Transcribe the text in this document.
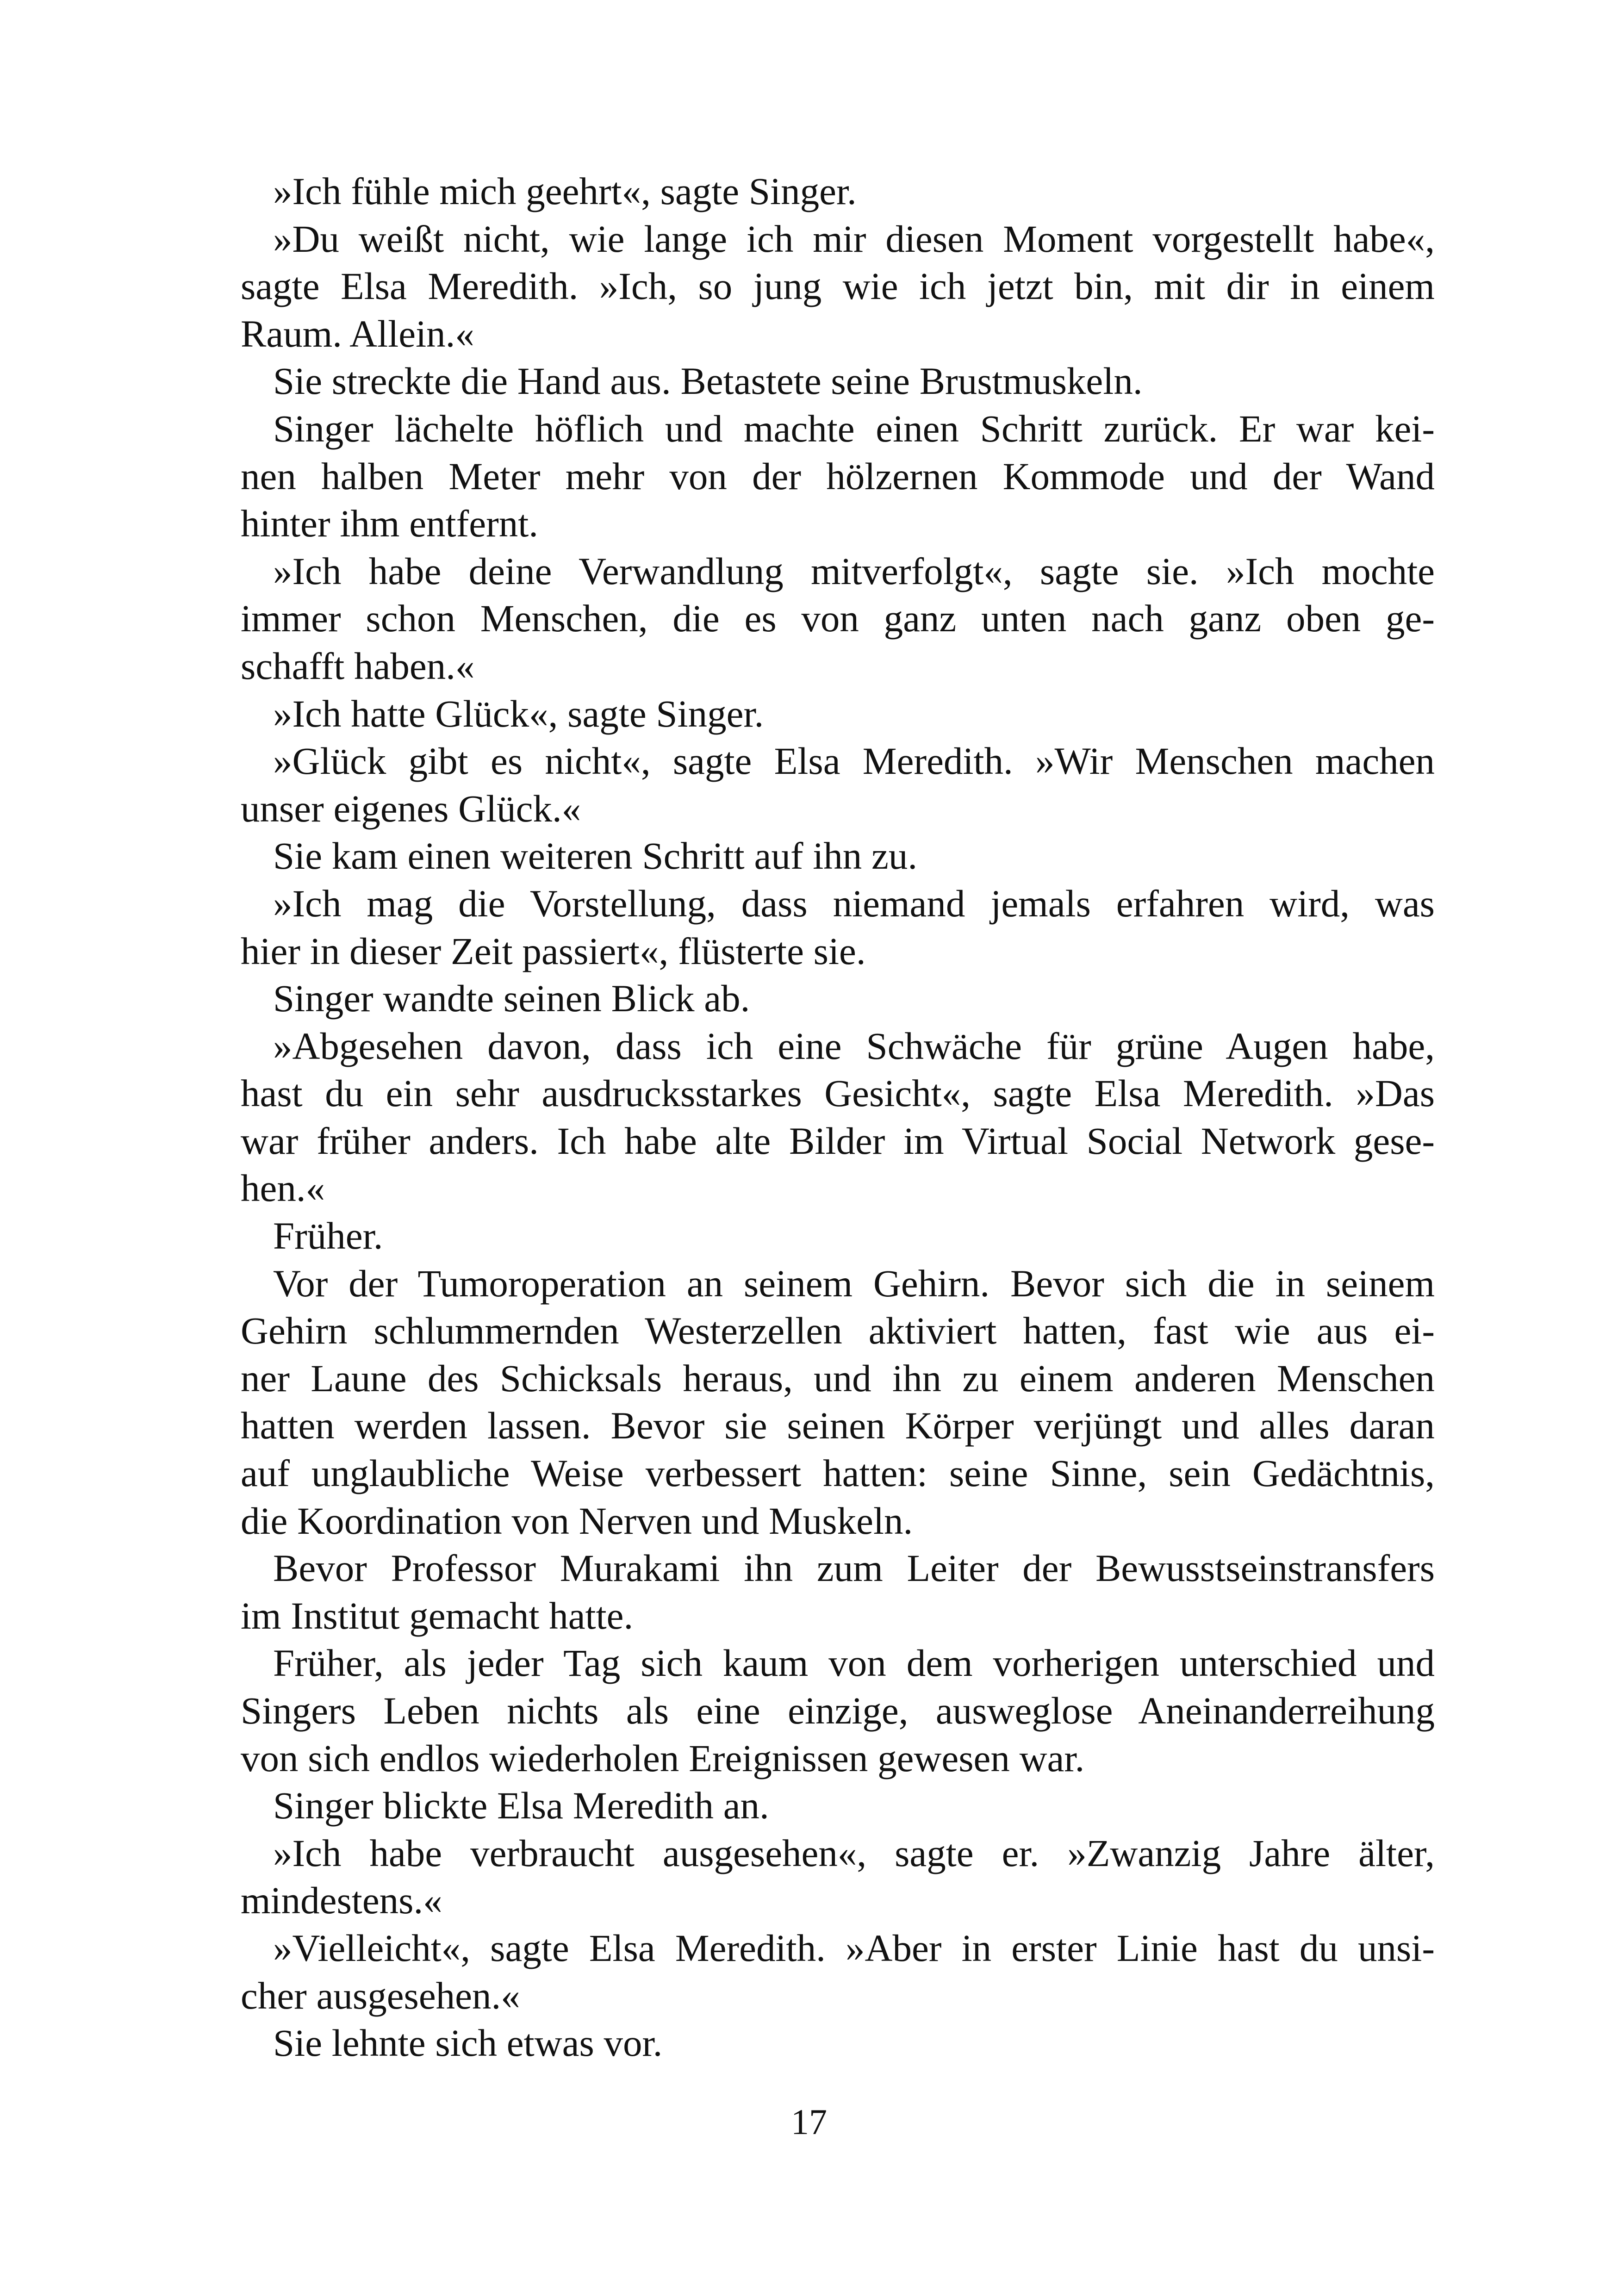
»Ich fühle mich geehrt«, sagte Singer.
»Du weißt nicht, wie lange ich mir diesen Moment vorgestellt habe«,
sagte Elsa Meredith. »Ich, so jung wie ich jetzt bin, mit dir in einem
Raum. Allein.«
Sie streckte die Hand aus. Betastete seine Brustmuskeln.
Singer lächelte höflich und machte einen Schritt zurück. Er war kei-
nen halben Meter mehr von der hölzernen Kommode und der Wand
hinter ihm entfernt.
»Ich habe deine Verwandlung mitverfolgt«, sagte sie. »Ich mochte
immer schon Menschen, die es von ganz unten nach ganz oben ge-
schafft haben.«
»Ich hatte Glück«, sagte Singer.
»Glück gibt es nicht«, sagte Elsa Meredith. »Wir Menschen machen
unser eigenes Glück.«
Sie kam einen weiteren Schritt auf ihn zu.
»Ich mag die Vorstellung, dass niemand jemals erfahren wird, was
hier in dieser Zeit passiert«, flüsterte sie.
Singer wandte seinen Blick ab.
»Abgesehen davon, dass ich eine Schwäche für grüne Augen habe,
hast du ein sehr ausdrucksstarkes Gesicht«, sagte Elsa Meredith. »Das
war früher anders. Ich habe alte Bilder im Virtual Social Network gese-
hen.«
Früher.
Vor der Tumoroperation an seinem Gehirn. Bevor sich die in seinem
Gehirn schlummernden Westerzellen aktiviert hatten, fast wie aus ei-
ner Laune des Schicksals heraus, und ihn zu einem anderen Menschen
hatten werden lassen. Bevor sie seinen Körper verjüngt und alles daran
auf unglaubliche Weise verbessert hatten: seine Sinne, sein Gedächtnis,
die Koordination von Nerven und Muskeln.
Bevor Professor Murakami ihn zum Leiter der Bewusstseinstransfers
im Institut gemacht hatte.
Früher, als jeder Tag sich kaum von dem vorherigen unterschied und
Singers Leben nichts als eine einzige, ausweglose Aneinanderreihung
von sich endlos wiederholen Ereignissen gewesen war.
Singer blickte Elsa Meredith an.
»Ich habe verbraucht ausgesehen«, sagte er. »Zwanzig Jahre älter,
mindestens.«
»Vielleicht«, sagte Elsa Meredith. »Aber in erster Linie hast du unsi-
cher ausgesehen.«
Sie lehnte sich etwas vor.
17
